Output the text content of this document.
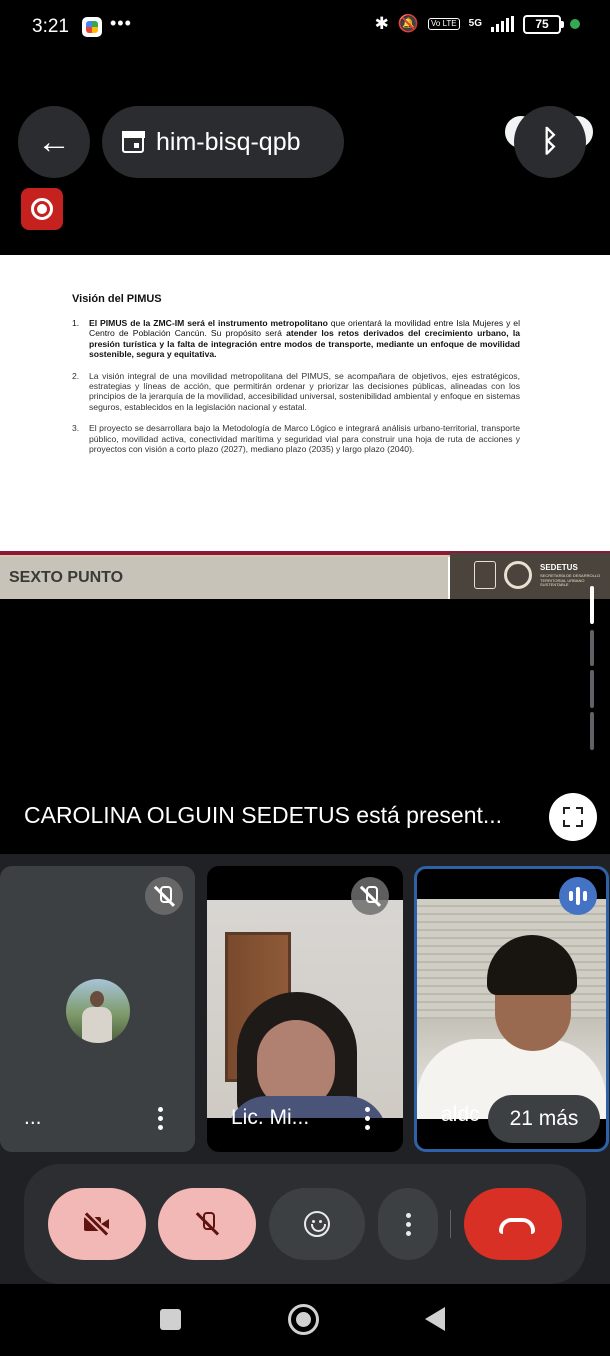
3:21 •••	✱ 🔕	Vo LTE	5G	75
←	him-bisq-qpb	ᛒ
Visión del PIMUS
1. El PIMUS de la ZMC-IM será el instrumento metropolitano que orientará la movilidad entre Isla Mujeres y el Centro de Población Cancún. Su propósito será atender los retos derivados del crecimiento urbano, la presión turística y la falta de integración entre modos de transporte, mediante un enfoque de movilidad sostenible, segura y equitativa.
2. La visión integral de una movilidad metropolitana del PIMUS, se acompañara de objetivos, ejes estratégicos, estrategias y líneas de acción, que permitirán ordenar y priorizar las decisiones públicas, alineadas con los principios de la jerarquía de la movilidad, accesibilidad universal, sostenibilidad ambiental y enfoque en sistemas seguros, establecidos en la legislación nacional y estatal.
3. El proyecto se desarrollara bajo la Metodología de Marco Lógico e integrará análisis urbano-territorial, transporte público, movilidad activa, conectividad marítima y seguridad vial para construir una hoja de ruta de acciones y proyectos con visión a corto plazo (2027), mediano plazo (2035) y largo plazo (2040).
SEXTO PUNTO
SEDETUS
SECRETARÍA DE DESARROLLO TERRITORIAL URBANO SUSTENTABLE
CAROLINA OLGUIN SEDETUS está present...
...	Lic. Mi...	aldc	21 más
